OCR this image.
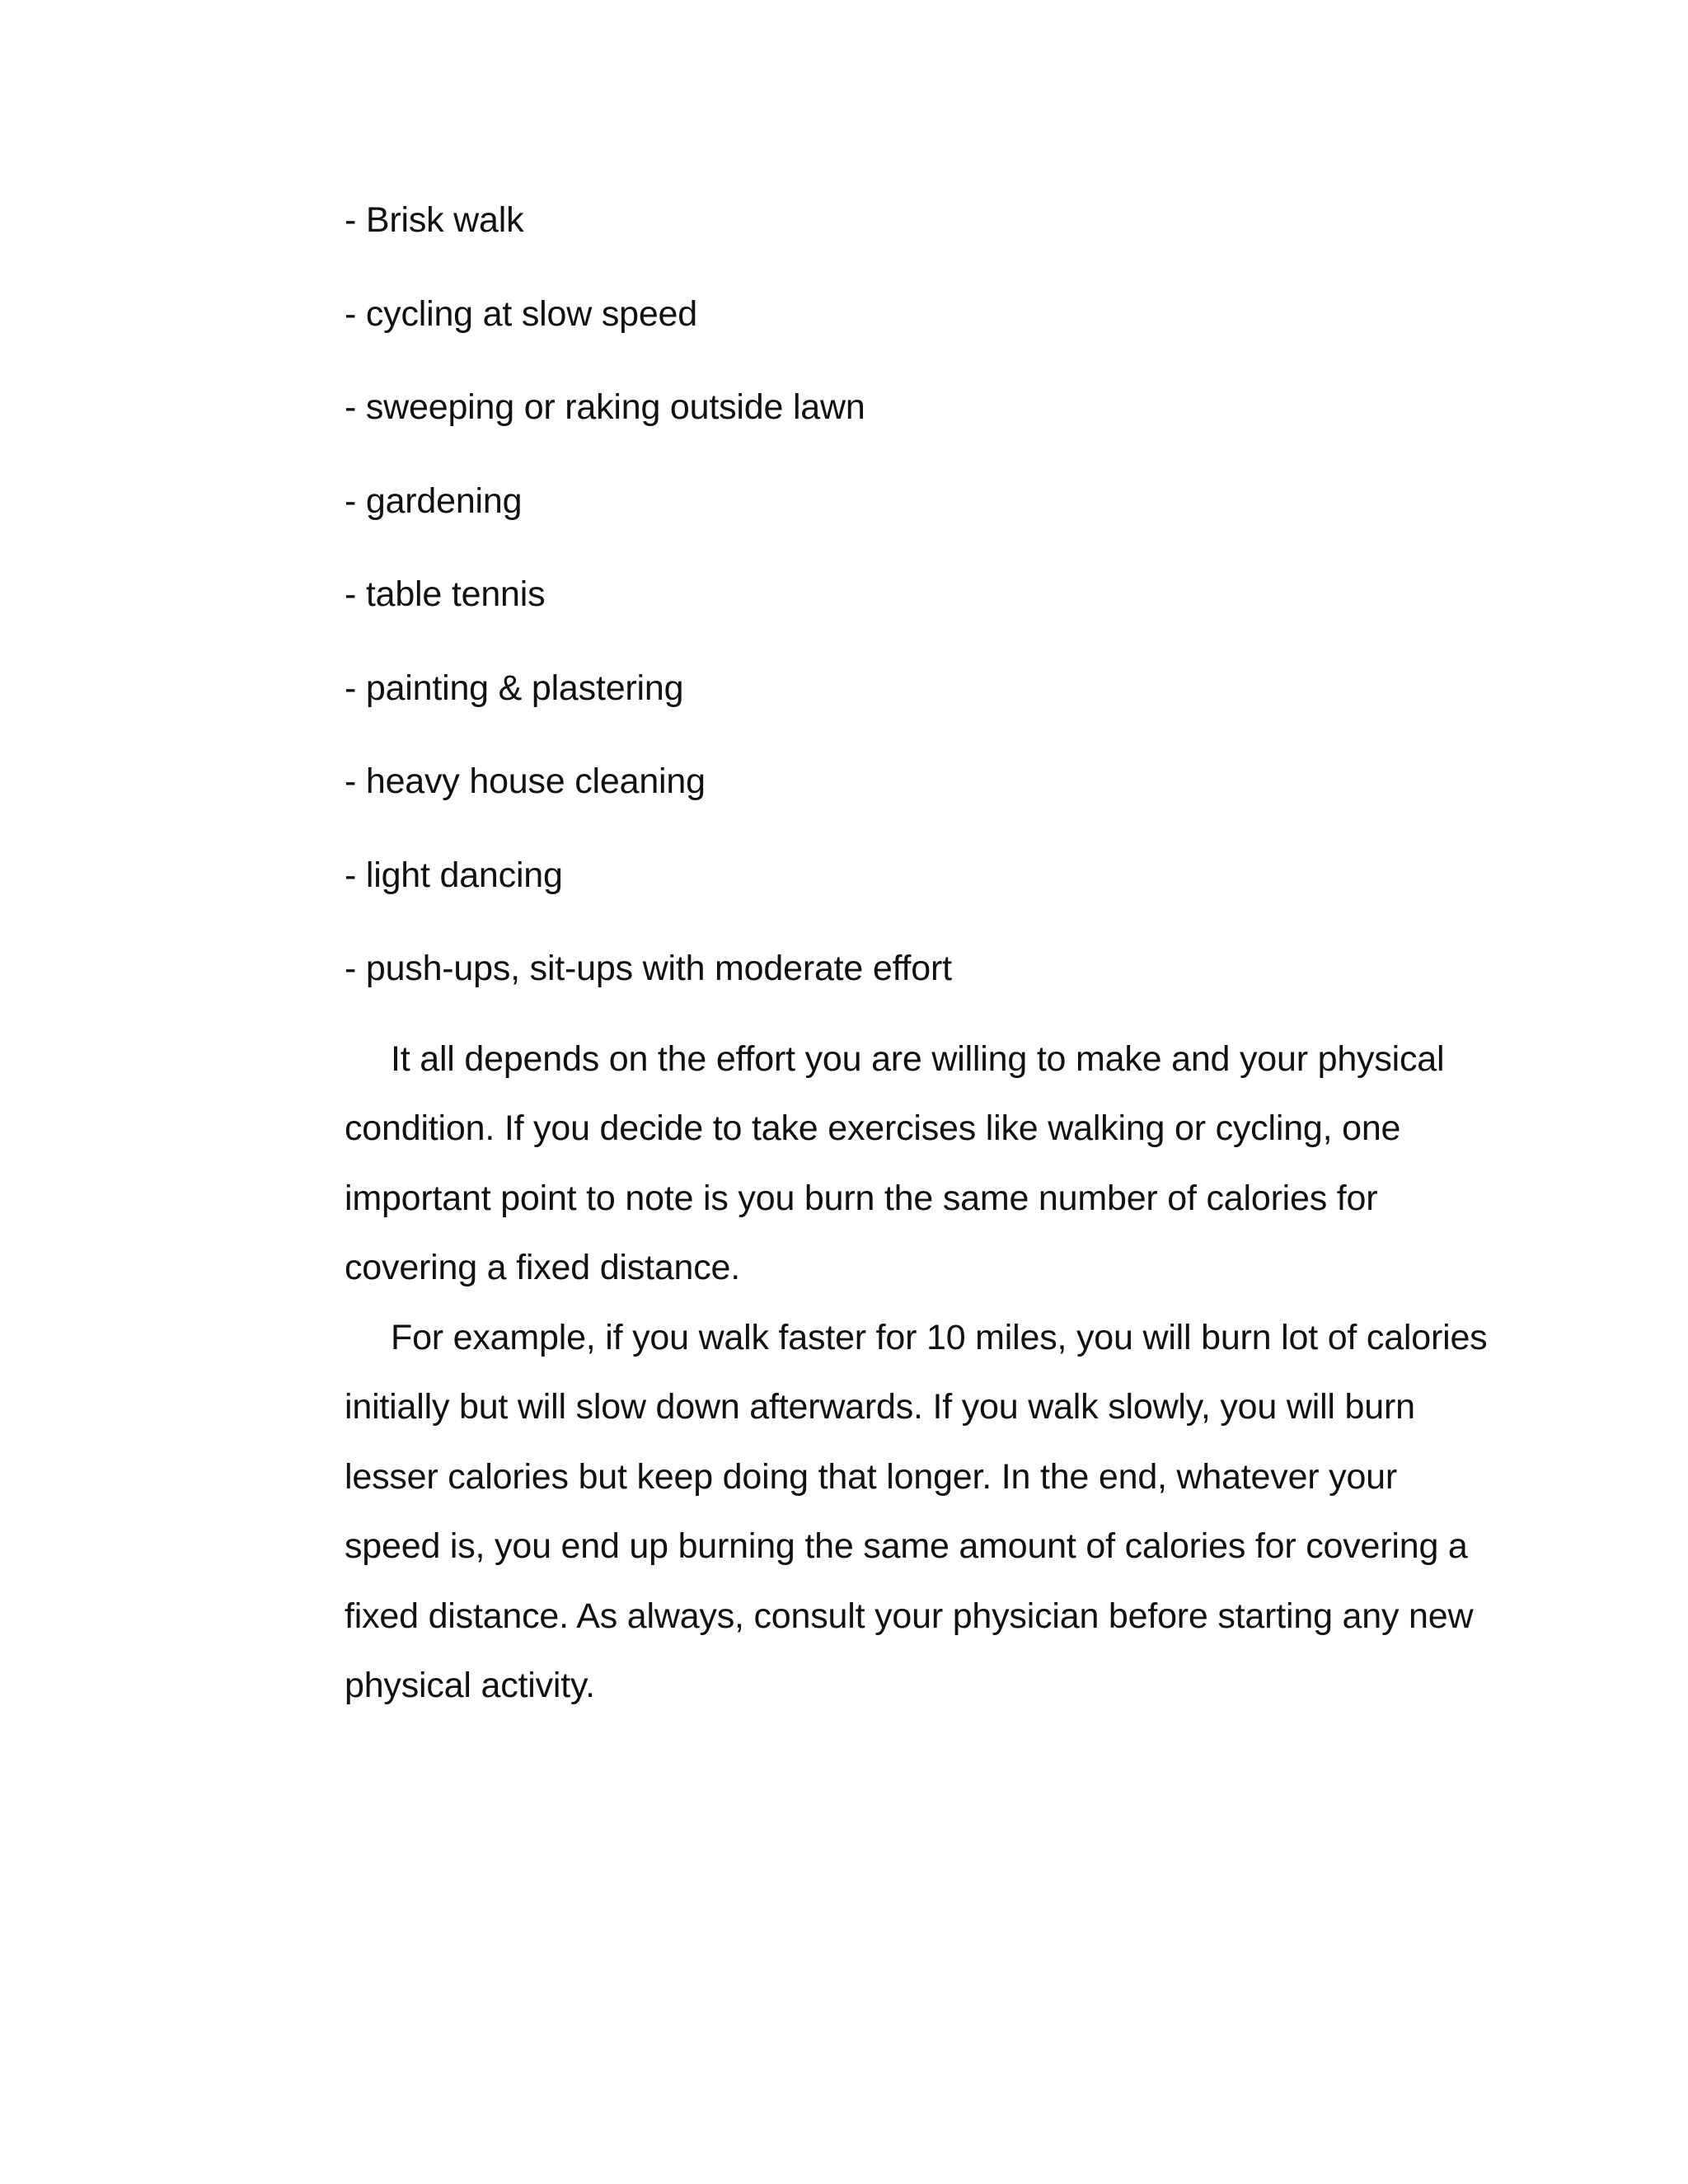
- Brisk walk
- cycling at slow speed
- sweeping or raking outside lawn
- gardening
- table tennis
- painting & plastering
- heavy house cleaning
- light dancing
- push-ups, sit-ups with moderate effort

It all depends on the effort you are willing to make and your physical condition. If you decide to take exercises like walking or cycling, one important point to note is you burn the same number of calories for covering a fixed distance.

For example, if you walk faster for 10 miles, you will burn lot of calories initially but will slow down afterwards. If you walk slowly, you will burn lesser calories but keep doing that longer. In the end, whatever your speed is, you end up burning the same amount of calories for covering a fixed distance. As always, consult your physician before starting any new physical activity.
